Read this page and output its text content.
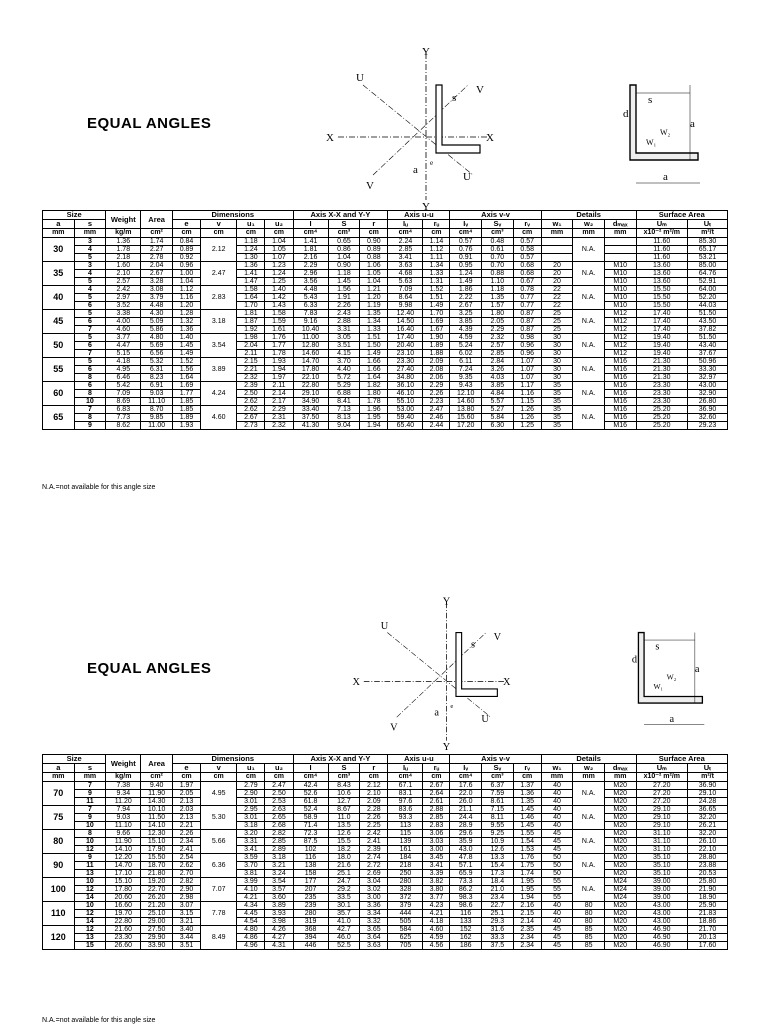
EQUAL ANGLES
EQUAL ANGLES
Y
Y
X	X
U
U
V
V
s
e
a
s
d
a
a
W₁
W₂
Y
Y
X	X
U
U
V
V
s
e
a
s
d
a
a
W₁
W₂
Size		Weight	Area	Dimensions				Axis X-X and Y-Y			Axis u-u		Axis v-v			Details			Surface Area	
a	s			e	v	u₁	u₂	I	S	r	Iᵤ	rᵤ	Iᵥ	Sᵥ	rᵥ	w₁	w₂	dₘₐₓ	Uₘ	Uₜ
mm	mm	kg/m	cm²	cm	cm	cm	cm	cm⁴	cm³	cm	cm⁴	cm	cm⁴	cm³	cm	mm	mm	mm	x10⁻² m²/m	m²/t
30	3	1.36	1.74	0.84	2.12	1.18	1.04	1.41	0.65	0.90	2.24	1.14	0.57	0.48	0.57		N.A.		11.60	85.30
	4	1.78	2.27	0.89		1.24	1.05	1.81	0.86	0.89	2.85	1.12	0.76	0.61	0.58				11.60	65.17
	5	2.18	2.78	0.92		1.30	1.07	2.16	1.04	0.88	3.41	1.11	0.91	0.70	0.57				11.60	53.21
35	3	1.60	2.04	0.96	2.47	1.36	1.23	2.29	0.90	1.06	3.63	1.34	0.95	0.70	0.68	20	N.A.	M10	13.60	85.00
	4	2.10	2.67	1.00		1.41	1.24	2.96	1.18	1.05	4.68	1.33	1.24	0.88	0.68	20		M10	13.60	64.76
	5	2.57	3.28	1.04		1.47	1.25	3.56	1.45	1.04	5.63	1.31	1.49	1.10	0.67	20		M10	13.60	52.91
40	4	2.42	3.08	1.12	2.83	1.58	1.40	4.48	1.56	1.21	7.09	1.52	1.86	1.18	0.78	22	N.A.	M10	15.50	64.00
	5	2.97	3.79	1.16		1.64	1.42	5.43	1.91	1.20	8.64	1.51	2.22	1.35	0.77	22		M10	15.50	52.20
	6	3.52	4.48	1.20		1.70	1.43	6.33	2.26	1.19	9.98	1.49	2.67	1.57	0.77	22		M10	15.50	44.03
45	5	3.38	4.30	1.28	3.18	1.81	1.58	7.83	2.43	1.35	12.40	1.70	3.25	1.80	0.87	25	N.A.	M12	17.40	51.50
	6	4.00	5.09	1.32		1.87	1.59	9.16	2.88	1.34	14.50	1.69	3.85	2.05	0.87	25		M12	17.40	43.50
	7	4.60	5.86	1.36		1.92	1.61	10.40	3.31	1.33	16.40	1.67	4.39	2.29	0.87	25		M12	17.40	37.82
50	5	3.77	4.80	1.40	3.54	1.98	1.76	11.00	3.05	1.51	17.40	1.90	4.59	2.32	0.98	30	N.A.	M12	19.40	51.50
	6	4.47	5.69	1.45		2.04	1.77	12.80	3.51	1.50	20.40	1.89	5.24	2.57	0.96	30		M12	19.40	43.40
	7	5.15	6.56	1.49		2.11	1.78	14.60	4.15	1.49	23.10	1.88	6.02	2.85	0.96	30		M12	19.40	37.67
55	5	4.18	5.32	1.52	3.89	2.15	1.93	14.70	3.70	1.66	23.30	2.09	6.11	2.84	1.07	30	N.A.	M16	21.30	50.96
	6	4.95	6.31	1.56		2.21	1.94	17.80	4.40	1.66	27.40	2.08	7.24	3.26	1.07	30		M16	21.30	33.30
	8	6.46	8.23	1.64		2.32	1.97	22.10	5.72	1.64	34.80	2.06	9.35	4.03	1.07	30		M16	21.30	32.97
60	6	5.42	6.91	1.69	4.24	2.39	2.11	22.80	5.29	1.82	36.10	2.29	9.43	3.85	1.17	35	N.A.	M16	23.30	43.00
	8	7.09	9.03	1.77		2.50	2.14	29.10	6.88	1.80	46.10	2.26	12.10	4.84	1.16	35		M16	23.30	32.90
	10	8.69	11.10	1.85		2.62	2.17	34.90	8.41	1.78	55.10	2.23	14.60	5.57	1.15	35		M16	23.30	26.80
65	7	6.83	8.70	1.85	4.60	2.62	2.29	33.40	7.13	1.96	53.00	2.47	13.80	5.27	1.26	35	N.A.	M16	25.20	36.90
	8	7.73	9.85	1.89		2.67	2.31	37.50	8.13	1.95	59.40	2.46	15.60	5.84	1.26	35		M16	25.20	32.60
	9	8.62	11.00	1.93		2.73	2.32	41.30	9.04	1.94	65.40	2.44	17.20	6.30	1.25	35		M16	25.20	29.23
N.A.=not available for this angle size
Size		Weight	Area	Dimensions				Axis X-X and Y-Y			Axis u-u		Axis v-v			Details			Surface Area	
a	s			e	v	u₁	u₂	I	S	r	Iᵤ	rᵤ	Iᵥ	Sᵥ	rᵥ	w₁	w₂	dₘₐₓ	Uₘ	Uₜ
mm	mm	kg/m	cm²	cm	cm	cm	cm	cm⁴	cm³	cm	cm⁴	cm	cm⁴	cm³	cm	mm	mm	mm	x10⁻² m²/m	m²/t
70	7	7.38	9.40	1.97	4.95	2.79	2.47	42.4	8.43	2.12	67.1	2.67	17.6	6.37	1.37	40	N.A.	M20	27.20	36.90
	9	9.34	11.90	2.05		2.90	2.50	52.6	10.6	2.10	83.1	2.64	22.0	7.59	1.36	40		M20	27.20	29.10
	11	11.20	14.30	2.13		3.01	2.53	61.8	12.7	2.09	97.6	2.61	26.0	8.61	1.35	40		M20	27.20	24.28
75	7	7.94	10.10	2.03	5.30	2.95	2.63	52.4	8.67	2.28	83.6	2.88	21.1	7.15	1.45	40	N.A.	M20	29.10	36.65
	9	9.03	11.50	2.13		3.01	2.65	58.9	11.0	2.26	93.3	2.85	24.4	8.11	1.46	40		M20	29.10	32.20
	10	11.10	14.10	2.21		3.18	2.68	71.4	13.5	2.25	113	2.83	28.9	9.55	1.45	40		M20	29.10	26.21
80	8	9.66	12.30	2.26	5.66	3.20	2.82	72.3	12.6	2.42	115	3.06	29.6	9.25	1.55	45	N.A.	M20	31.10	32.20
	10	11.90	15.10	2.34		3.31	2.85	87.5	15.5	2.41	139	3.03	35.9	10.9	1.54	45		M20	31.10	26.10
	12	14.10	17.90	2.41		3.41	2.89	102	18.2	2.39	161	3.00	43.0	12.6	1.53	45		M20	31.10	22.10
90	9	12.20	15.50	2.54	6.36	3.59	3.18	116	18.0	2.74	184	3.45	47.8	13.3	1.76	50	N.A.	M20	35.10	28.80
	11	14.70	18.70	2.62		3.70	3.21	138	21.6	2.72	218	3.41	57.1	15.4	1.75	50		M20	35.10	23.88
	13	17.10	21.80	2.70		3.81	3.24	158	25.1	2.69	250	3.39	65.9	17.3	1.74	50		M20	35.10	20.53
100	10	15.10	19.20	2.82	7.07	3.99	3.54	177	24.7	3.04	280	3.82	73.3	18.4	1.95	55	N.A.	M24	39.00	25.80
	12	17.80	22.70	2.90		4.10	3.57	207	29.2	3.02	328	3.80	86.2	21.0	1.95	55		M24	39.00	21.90
	14	20.60	26.20	2.98		4.21	3.60	235	33.5	3.00	372	3.77	98.3	23.4	1.94	55		M24	39.00	18.90
110	10	16.60	21.20	3.07	7.78	4.34	3.89	239	30.1	3.36	379	4.23	98.6	22.7	2.16	40	80	M20	43.00	25.90
	12	19.70	25.10	3.15		4.45	3.93	280	35.7	3.34	444	4.21	116	25.1	2.15	40	80	M20	43.00	21.83
	14	22.80	29.00	3.21		4.54	3.98	319	41.0	3.32	505	4.18	133	29.3	2.14	40	80	M20	43.00	18.86
120	12	21.60	27.50	3.40	8.49	4.80	4.26	368	42.7	3.65	584	4.60	152	31.6	2.35	45	85	M20	46.90	21.70
	13	23.30	29.90	3.44		4.86	4.27	394	46.0	3.64	625	4.59	162	33.3	2.34	45	85	M20	46.90	20.13
	15	26.60	33.90	3.51		4.96	4.31	446	52.5	3.63	705	4.56	186	37.5	2.34	45	85	M20	46.90	17.60
N.A.=not available for this angle size
